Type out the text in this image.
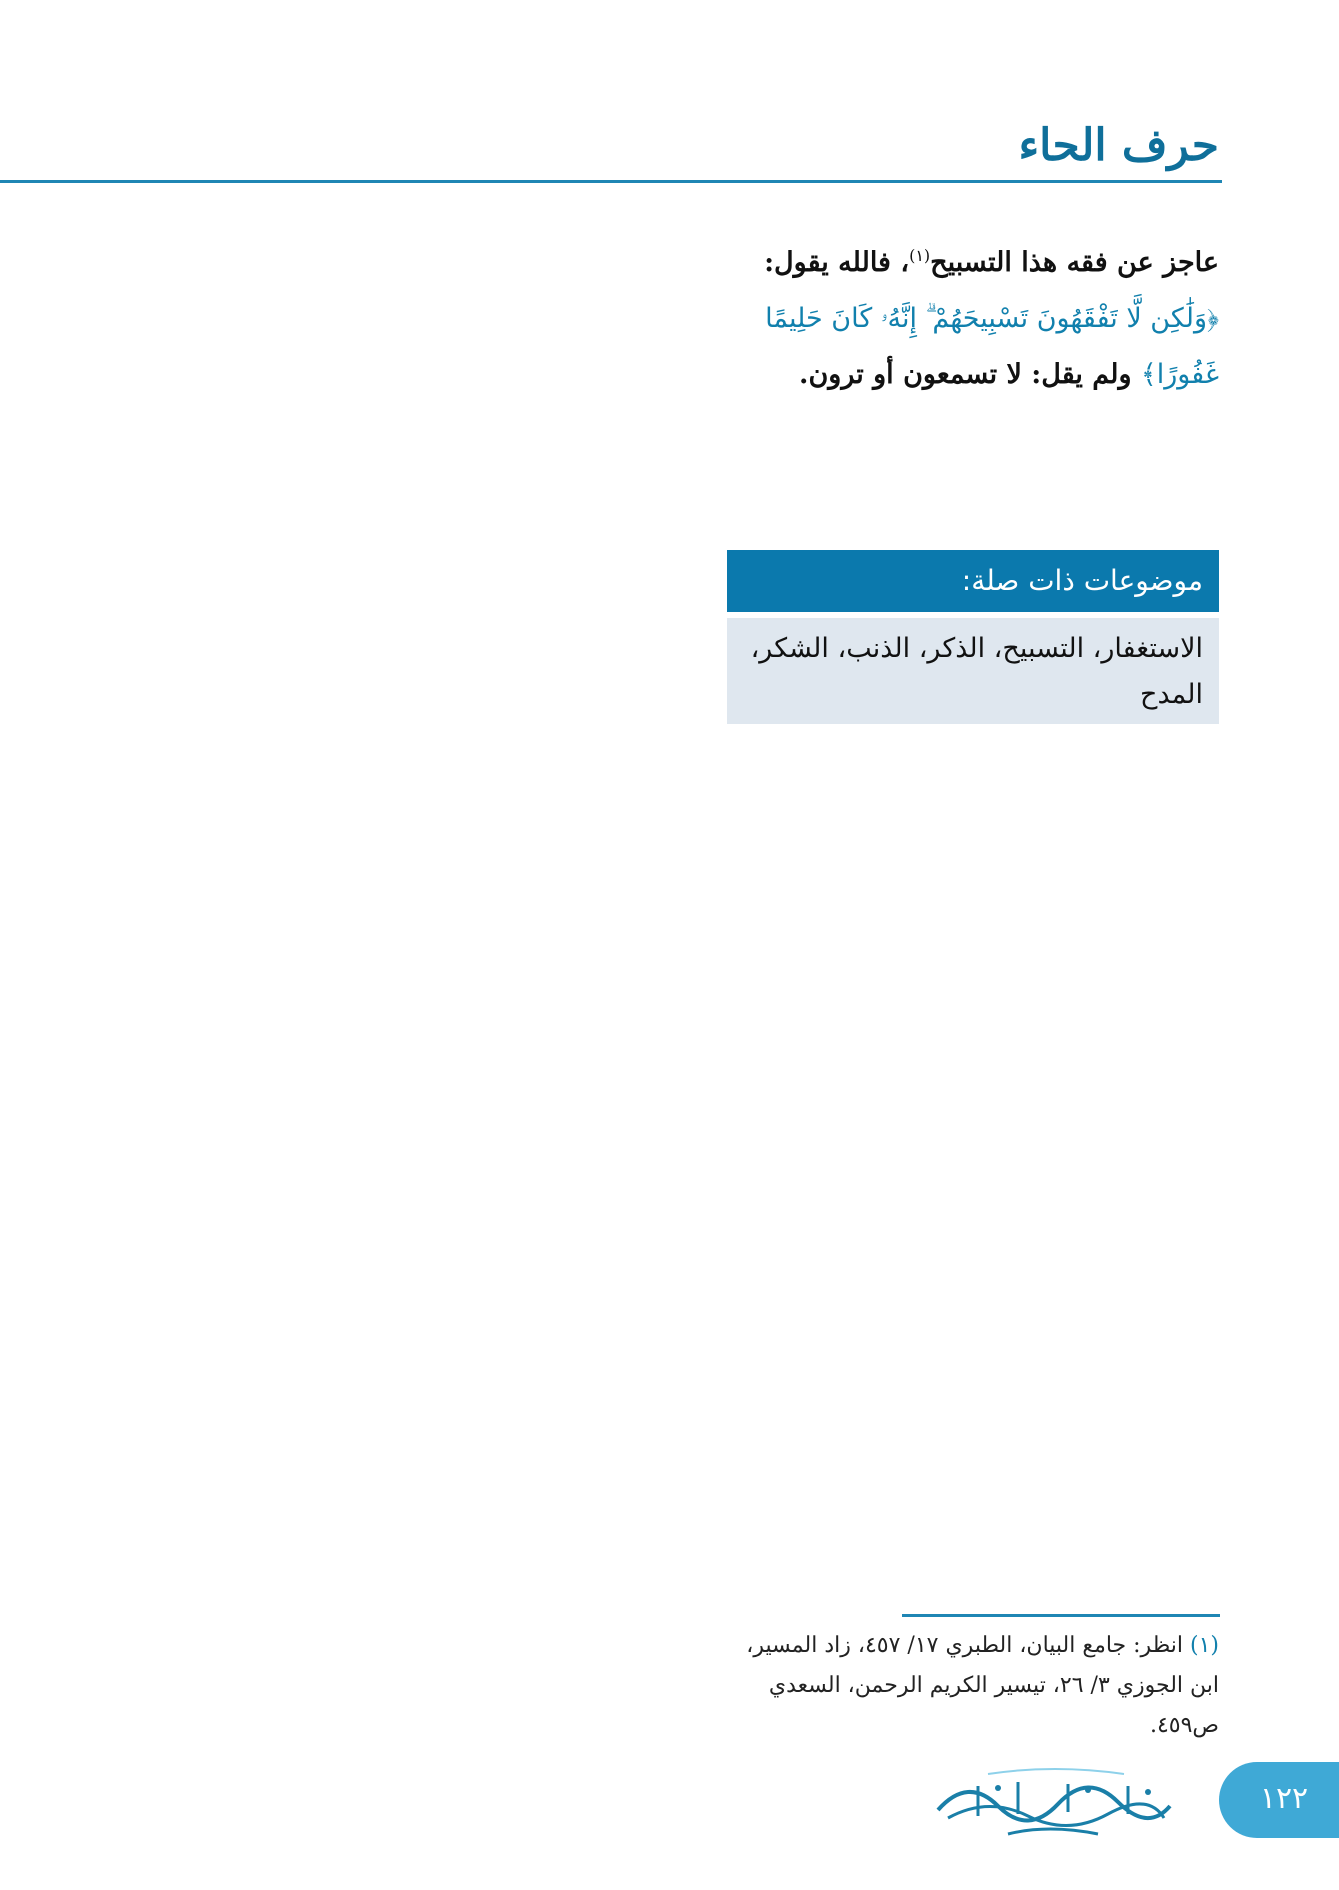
حرف الحاء
عاجز عن فقه هذا التسبيح$^{(١)}$، فالله يقول:
﴿وَلَٰكِن لَّا تَفْقَهُونَ تَسْبِيحَهُمْ ۗ إِنَّهُۥ كَانَ حَلِيمًا
غَفُورًا﴾ ولم يقل: لا تسمعون أو ترون.
موضوعات ذات صلة:
الاستغفار، التسبيح، الذكر، الذنب، الشكر، المدح
(١) انظر: جامع البيان، الطبري ١٧/ ٤٥٧، زاد المسير، ابن الجوزي ٣/ ٢٦، تيسير الكريم الرحمن، السعدي ص٤٥٩.
١٢٢
